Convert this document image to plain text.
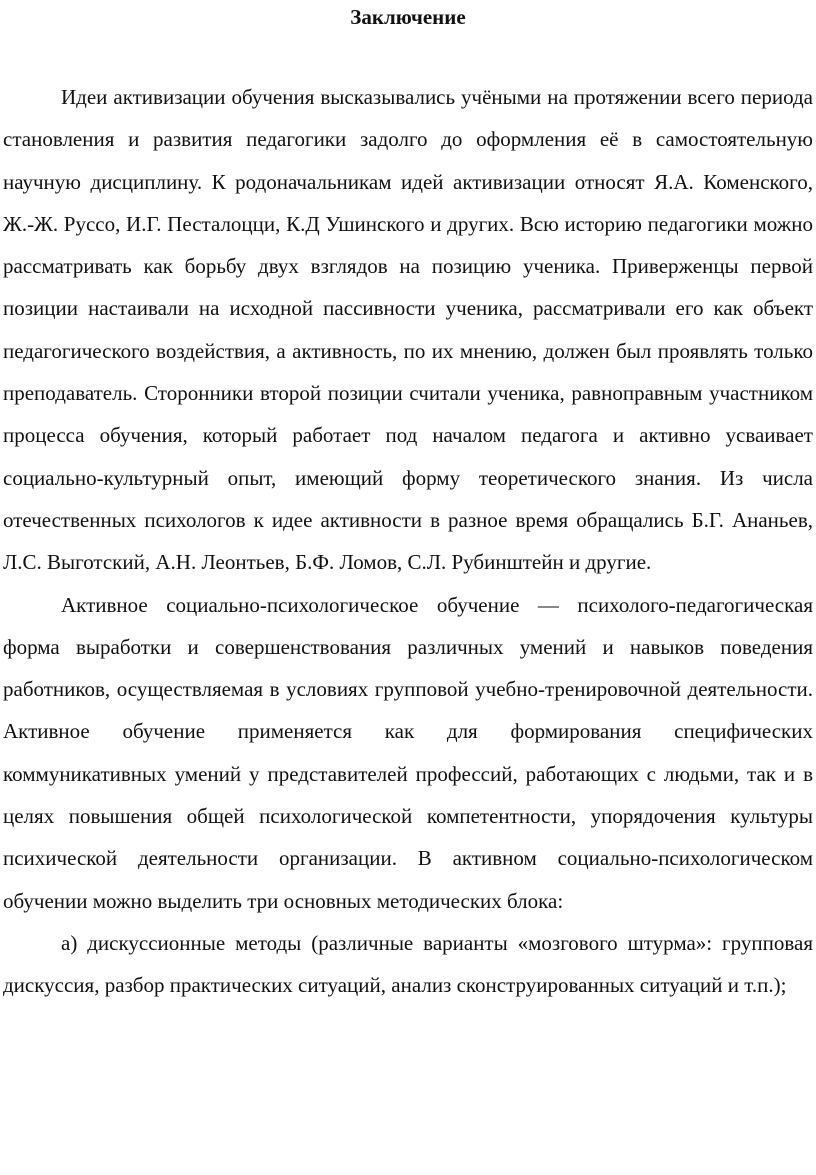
Заключение

Идеи активизации обучения высказывались учёными на протяжении всего периода становления и развития педагогики задолго до оформления её в самостоятельную научную дисциплину. К родоначальникам идей активизации относят Я.А. Коменского, Ж.-Ж. Руссо, И.Г. Песталоцци, К.Д Ушинского и других. Всю историю педагогики можно рассматривать как борьбу двух взглядов на позицию ученика. Приверженцы первой позиции настаивали на исходной пассивности ученика, рассматривали его как объект педагогического воздействия, а активность, по их мнению, должен был проявлять только преподаватель. Сторонники второй позиции считали ученика, равноправным участником процесса обучения, который работает под началом педагога и активно усваивает социально-культурный опыт, имеющий форму теоретического знания. Из числа отечественных психологов к идее активности в разное время обращались Б.Г. Ананьев, Л.С. Выготский, А.Н. Леонтьев, Б.Ф. Ломов, С.Л. Рубинштейн и другие.

Активное социально-психологическое обучение — психолого-педагогическая форма выработки и совершенствования различных умений и навыков поведения работников, осуществляемая в условиях групповой учебно-тренировочной деятельности. Активное обучение применяется как для формирования специфических коммуникативных умений у представителей профессий, работающих с людьми, так и в целях повышения общей психологической компетентности, упорядочения культуры психической деятельности организации. В активном социально-психологическом обучении можно выделить три основных методических блока:

а) дискуссионные методы (различные варианты «мозгового штурма»: групповая дискуссия, разбор практических ситуаций, анализ сконструированных ситуаций и т.п.);
